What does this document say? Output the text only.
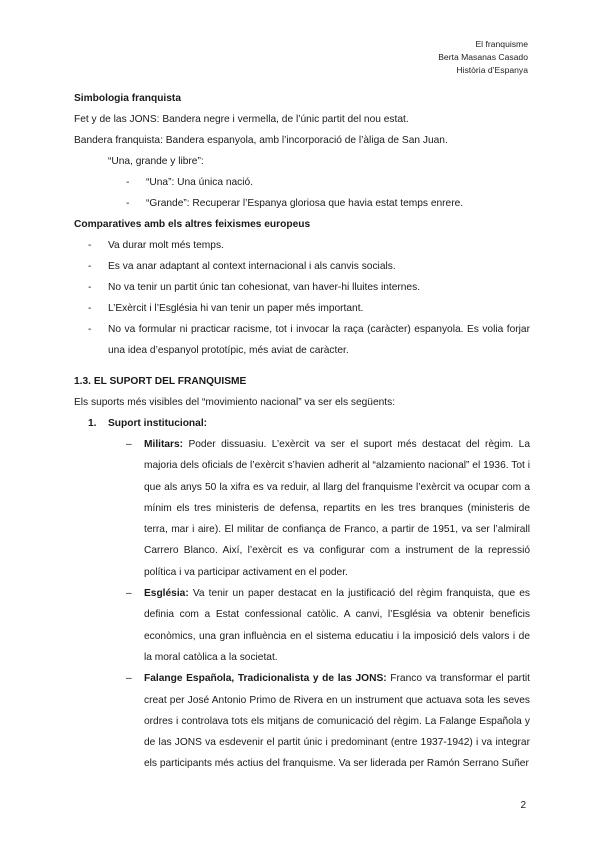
El franquisme
Berta Masanas Casado
Història d’Espanya

Simbologia franquista

Fet y de las JONS: Bandera negre i vermella, de l’únic partit del nou estat.

Bandera franquista: Bandera espanyola, amb l’incorporació de l’àliga de San Juan.

“Una, grande y libre”:

- “Una”: Una única nació.

- “Grande”: Recuperar l’Espanya gloriosa que havia estat temps enrere.

Comparatives amb els altres feixismes europeus

- Va durar molt més temps.

- Es va anar adaptant al context internacional i als canvis socials.

- No va tenir un partit únic tan cohesionat, van haver-hi lluites internes.

- L’Exèrcit i l’Església hi van tenir un paper més important.

- No va formular ni practicar racisme, tot i invocar la raça (caràcter) espanyola. Es volia forjar una idea d’espanyol prototípic, més aviat de caràcter.

1.3. EL SUPORT DEL FRANQUISME

Els suports més visibles del “movimiento nacional” va ser els següents:

1. Suport institucional:

– Militars: Poder dissuasiu. L’exèrcit va ser el suport més destacat del règim. La majoria dels oficials de l’exèrcit s’havien adherit al “alzamiento nacional” el 1936. Tot i que als anys 50 la xifra es va reduir, al llarg del franquisme l’exèrcit va ocupar com a mínim els tres ministeris de defensa, repartits en les tres branques (ministeris de terra, mar i aire). El militar de confiança de Franco, a partir de 1951, va ser l’almirall Carrero Blanco. Així, l’exèrcit es va configurar com a instrument de la repressió política i va participar activament en el poder.

– Església: Va tenir un paper destacat en la justificació del règim franquista, que es definia com a Estat confessional catòlic. A canvi, l’Església va obtenir beneficis econòmics, una gran influència en el sistema educatiu i la imposició dels valors i de la moral catòlica a la societat.

– Falange Española, Tradicionalista y de las JONS: Franco va transformar el partit creat per José Antonio Primo de Rivera en un instrument que actuava sota les seves ordres i controlava tots els mitjans de comunicació del règim. La Falange Española y de las JONS va esdevenir el partit únic i predominant (entre 1937-1942) i va integrar els participants més actius del franquisme. Va ser liderada per Ramón Serrano Suñer

2
